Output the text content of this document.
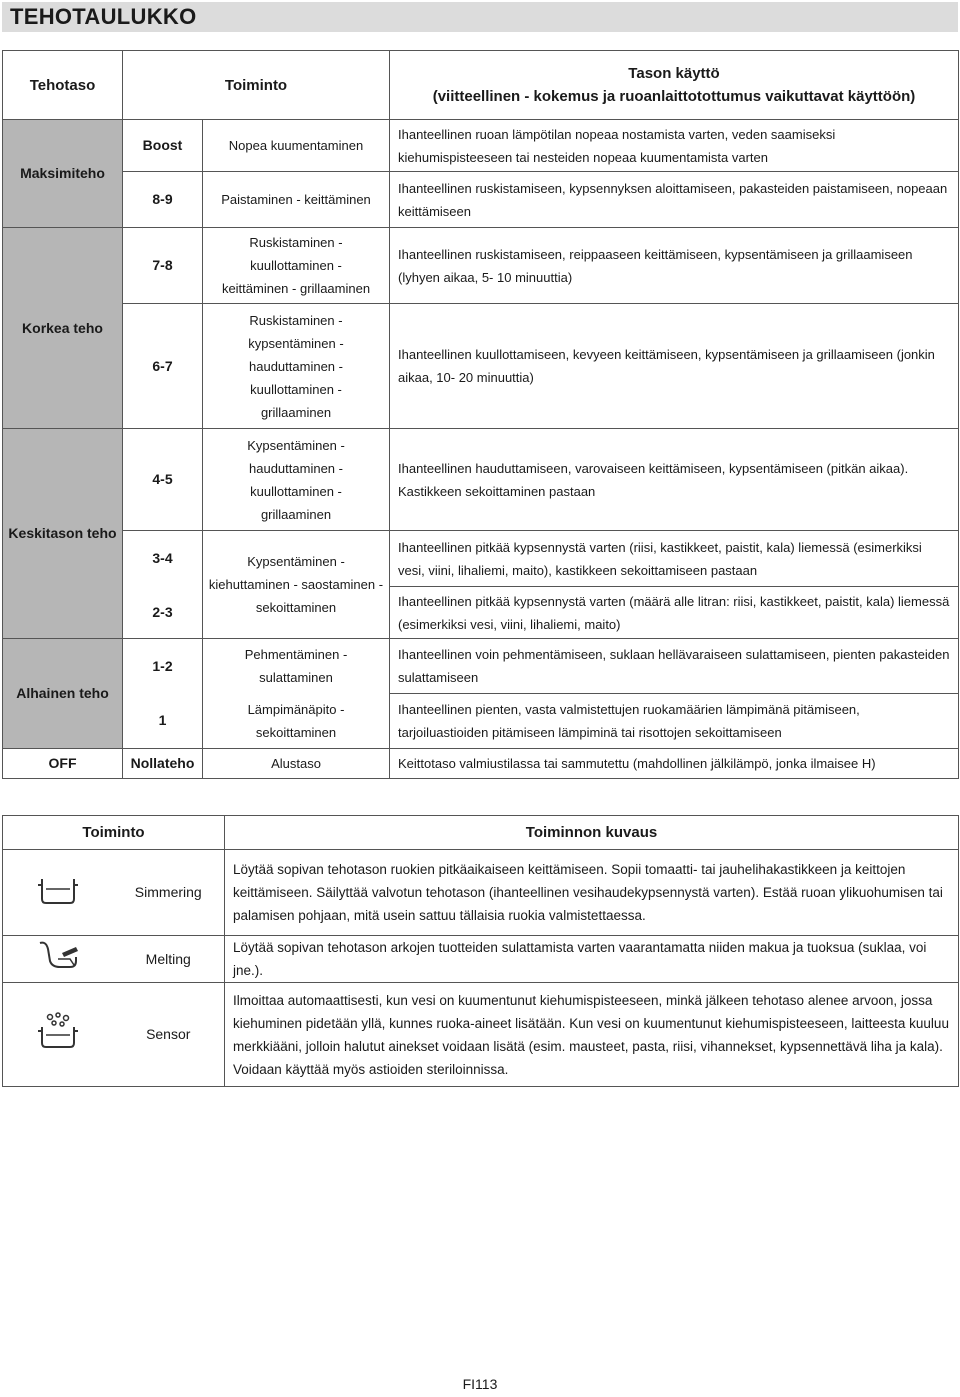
TEHOTAULUKKO
Tehotaso	Toiminto		Tason käyttö
(viitteellinen - kokemus ja ruoanlaittotottumus vaikuttavat käyttöön)

Maksimiteho	Boost	Nopea kuumentaminen	Ihanteellinen ruoan lämpötilan nopeaa nostamista varten, veden saamiseksi kiehumispisteeseen tai nesteiden nopeaa kuumentamista varten
	8-9	Paistaminen - keittäminen	Ihanteellinen ruskistamiseen, kypsennyksen aloittamiseen, pakasteiden paistamiseen, nopeaan keittämiseen
Korkea teho	7-8	Ruskistaminen - kuullottaminen - keittäminen - grillaaminen	Ihanteellinen ruskistamiseen, reippaaseen keittämiseen, kypsentämiseen ja grillaamiseen (lyhyen aikaa, 5- 10 minuuttia)
	6-7	Ruskistaminen - kypsentäminen - hauduttaminen - kuullottaminen - grillaaminen	Ihanteellinen kuullottamiseen, kevyeen keittämiseen, kypsentämiseen ja grillaamiseen (jonkin aikaa, 10- 20 minuuttia)
Keskitason teho	4-5	Kypsentäminen - hauduttaminen - kuullottaminen - grillaaminen	Ihanteellinen hauduttamiseen, varovaiseen keittämiseen, kypsentämiseen (pitkän aikaa). Kastikkeen sekoittaminen pastaan
	3-4	Kypsentäminen - kiehuttaminen - saostaminen - sekoittaminen	Ihanteellinen pitkää kypsennystä varten (riisi, kastikkeet, paistit, kala) liemessä (esimerkiksi vesi, viini, lihaliemi, maito), kastikkeen sekoittamiseen pastaan
	2-3		Ihanteellinen pitkää kypsennystä varten (määrä alle litran: riisi, kastikkeet, paistit, kala) liemessä (esimerkiksi vesi, viini, lihaliemi, maito)
Alhainen teho	1-2	Pehmentäminen - sulattaminen	Ihanteellinen voin pehmentämiseen, suklaan hellävaraiseen sulattamiseen, pienten pakasteiden sulattamiseen
	1	Lämpimänäpito - sekoittaminen	Ihanteellinen pienten, vasta valmistettujen ruokamäärien lämpimänä pitämiseen, tarjoiluastioiden pitämiseen lämpiminä tai risottojen sekoittamiseen
OFF	Nollateho	Alustaso	Keittotaso valmiustilassa tai sammutettu (mahdollinen jälkilämpö, jonka ilmaisee H)
Toiminto		Toiminnon kuvaus
	Simmering	Löytää sopivan tehotason ruokien pitkäaikaiseen keittämiseen. Sopii tomaatti- tai jauhelihakastikkeen ja keittojen keittämiseen. Säilyttää valvotun tehotason (ihanteellinen vesihaudekypsennystä varten). Estää ruoan ylikuohumisen tai palamisen pohjaan, mitä usein sattuu tällaisia ruokia valmistettaessa.
	Melting	Löytää sopivan tehotason arkojen tuotteiden sulattamista varten vaarantamatta niiden makua ja tuoksua (suklaa, voi jne.).
	Sensor	Ilmoittaa automaattisesti, kun vesi on kuumentunut kiehumispisteeseen, minkä jälkeen tehotaso alenee arvoon, jossa kiehuminen pidetään yllä, kunnes ruoka-aineet lisätään. Kun vesi on kuumentunut kiehumispisteeseen, laitteesta kuuluu merkkiääni, jolloin halutut ainekset voidaan lisätä (esim. mausteet, pasta, riisi, vihannekset, kypsennettävä liha ja kala). Voidaan käyttää myös astioiden steriloinnissa.
FI113
